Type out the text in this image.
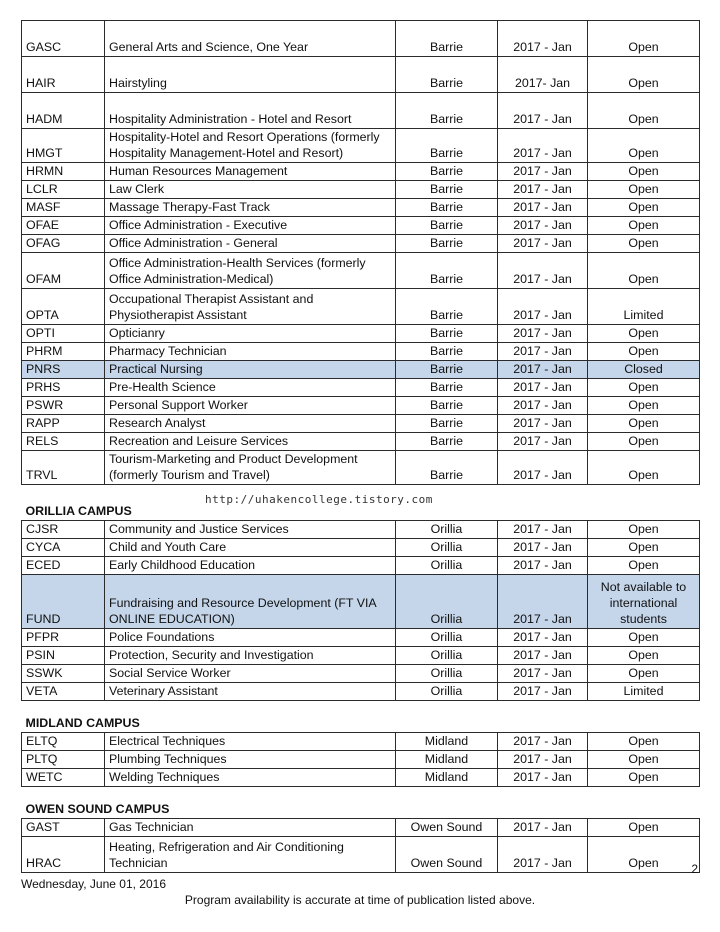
GASC	General Arts and Science, One Year	Barrie	2017 - Jan	Open
HAIR	Hairstyling	Barrie	2017- Jan	Open
HADM	Hospitality Administration - Hotel and Resort	Barrie	2017 - Jan	Open
HMGT	Hospitality-Hotel and Resort Operations (formerly Hospitality Management-Hotel and Resort)	Barrie	2017 - Jan	Open
HRMN	Human Resources Management	Barrie	2017 - Jan	Open
LCLR	Law Clerk	Barrie	2017 - Jan	Open
MASF	Massage Therapy-Fast Track	Barrie	2017 - Jan	Open
OFAE	Office Administration - Executive	Barrie	2017 - Jan	Open
OFAG	Office Administration - General	Barrie	2017 - Jan	Open
OFAM	Office Administration-Health Services (formerly Office Administration-Medical)	Barrie	2017 - Jan	Open
OPTA	Occupational Therapist Assistant and Physiotherapist Assistant	Barrie	2017 - Jan	Limited
OPTI	Opticianry	Barrie	2017 - Jan	Open
PHRM	Pharmacy Technician	Barrie	2017 - Jan	Open
PNRS	Practical Nursing	Barrie	2017 - Jan	Closed
PRHS	Pre-Health Science	Barrie	2017 - Jan	Open
PSWR	Personal Support Worker	Barrie	2017 - Jan	Open
RAPP	Research Analyst	Barrie	2017 - Jan	Open
RELS	Recreation and Leisure Services	Barrie	2017 - Jan	Open
TRVL	Tourism-Marketing and Product Development (formerly Tourism and Travel)	Barrie	2017 - Jan	Open
ORILLIA CAMPUS				
CJSR	Community and Justice Services	Orillia	2017 - Jan	Open
CYCA	Child and Youth Care	Orillia	2017 - Jan	Open
ECED	Early Childhood Education	Orillia	2017 - Jan	Open
FUND	Fundraising and Resource Development (FT VIA ONLINE EDUCATION)	Orillia	2017 - Jan	Not available to international students
PFPR	Police Foundations	Orillia	2017 - Jan	Open
PSIN	Protection, Security and Investigation	Orillia	2017 - Jan	Open
SSWK	Social Service Worker	Orillia	2017 - Jan	Open
VETA	Veterinary Assistant	Orillia	2017 - Jan	Limited
MIDLAND CAMPUS				
ELTQ	Electrical Techniques	Midland	2017 - Jan	Open
PLTQ	Plumbing Techniques	Midland	2017 - Jan	Open
WETC	Welding Techniques	Midland	2017 - Jan	Open
OWEN SOUND CAMPUS				
GAST	Gas Technician	Owen Sound	2017 - Jan	Open
HRAC	Heating, Refrigeration and Air Conditioning Technician	Owen Sound	2017 - Jan	Open
http://uhakencollege.tistory.com
2
Wednesday, June 01, 2016
Program availability is accurate at time of publication listed above.
